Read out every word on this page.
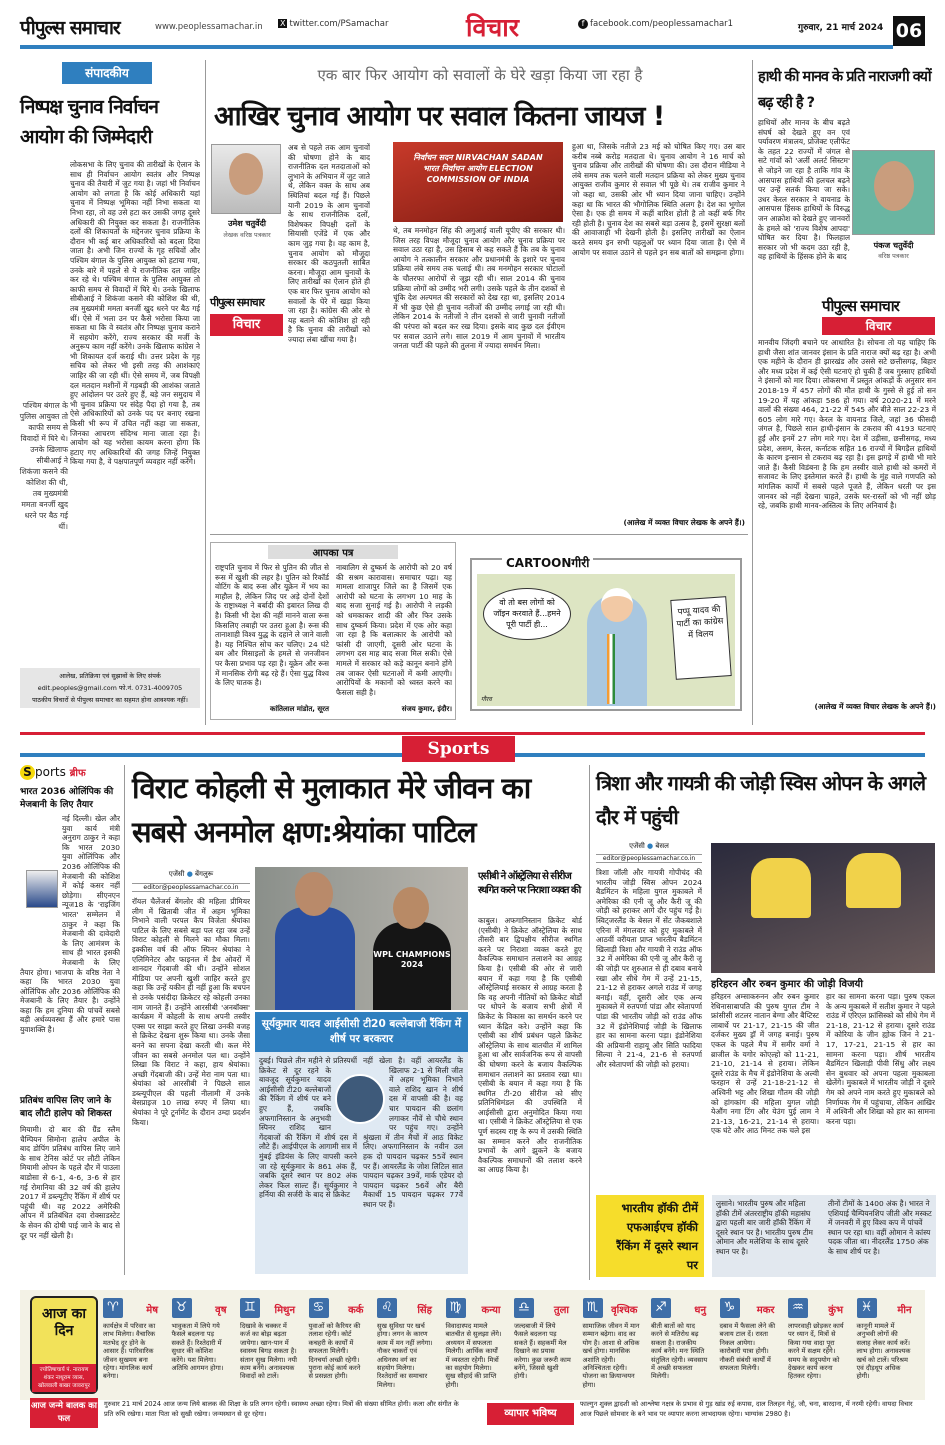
पीपुल्स समाचार	www.peoplessamachar.in X twitter.com/PSamachar	विचार	f facebook.com/peoplessamachar1	गुरुवार, 21 मार्च 2024 06
संपादकीय
निष्पक्ष चुनाव निर्वाचन आयोग की जिम्मेदारी
लोकसभा के लिए चुनाव की तारीखों के ऐलान के साथ ही निर्वाचन आयोग स्वतंत्र और निष्पक्ष चुनाव की तैयारी में जुट गया है। जहां भी निर्वाचन आयोग को लगता है कि कोई अधिकारी यहां चुनाव में निष्पक्ष भूमिका नहीं निभा सकता या निभा रहा, तो वह उसे हटा कर उसकी जगह दूसरे अधिकारी की नियुक्त कर सकता है। राजनीतिक दलों की शिकायतों के मद्देनजर चुनाव प्रक्रिया के दौरान भी कई बार अधिकारियों को बदला दिया जाता है। अभी जिन राज्यों के गृह सचिवों और पश्चिम बंगाल के पुलिस आयुक्त को हटाया गया, उनके बारे में पहले से ये राजनीतिक दल जाहिर कर रहे थे। पश्चिम बंगाल के पुलिस आयुक्त तो काफी समय से विवादों में घिरे थे। उनके खिलाफ सीबीआई ने शिकंजा कसने की कोशिश की थी, तब मुख्यमंत्री ममता बनर्जी खुद धरने पर बैठ गई थीं। ऐसे में भला उन पर कैसे भरोसा किया जा सकता था कि वे स्वतंत्र और निष्पक्ष चुनाव कराने में सहयोग करेंगे, राज्य सरकार की मर्जी के अनुरूप काम नहीं करेंगे। उनके खिलाफ कांग्रेस ने भी शिकायत दर्ज कराई थी। उत्तर प्रदेश के गृह सचिव को लेकर भी इसी तरह की आशंकाएं जाहिर की जा रही थीं। ऐसे समय में, जब विपक्षी दल मतदान मशीनों में गड़बड़ी की आशंका जताते हुए आंदोलन पर उतरे हुए हैं, बड़े जन समुदाय में भी चुनाव प्रक्रिया पर संदेह पैदा हो गया है, तब ऐसे अधिकारियों को उनके पद पर बनाए रखना किसी भी रूप में उचित नहीं कहा जा सकता, जिनका आचरण संदिग्ध माना जाता रहा है। आयोग को यह भरोसा कायम करना होगा कि हटाए गए अधिकारियों की जगह जिन्हें नियुक्त किया गया है, वे पक्षपातपूर्ण व्यवहार नहीं करेंगे।
पश्चिम बंगाल के पुलिस आयुक्त तो काफी समय से विवादों में घिरे थे। उनके खिलाफ सीबीआई ने शिकंजा कसने की कोशिश की थी, तब मुख्यमंत्री ममता बनर्जी खुद धरने पर बैठ गई थीं।
आलेख, प्रतिक्रिया एवं सुझावों के लिए संपर्क
edit.peoples@gmail.com फो.नं. 0731-4009705
पाठकीय विचारों से पीपुल्स समाचार का सहमत होना आवश्यक नहीं।
एक बार फिर आयोग को सवालों के घेरे खड़ा किया जा रहा है
आखिर चुनाव आयोग पर सवाल कितना जायज !
उमेश चतुर्वेदी
लेखक वरिष्ठ पत्रकार
अब से पहले तक आम चुनावों की घोषणा होने के बाद राजनीतिक दल मतदाताओं को लुभाने के अभियान में जुट जाते थे, लेकिन वक्त के साथ अब स्थितियां बदल गई हैं। पिछले यानी 2019 के आम चुनावों के साथ राजनीतिक दलों, विशेषकर विपक्षी दलों के सियासी एजेंडे में एक और काम जुड़ गया है। वह काम है, चुनाव आयोग को मौजूदा सरकार की कठपुतली साबित करना। मौजूदा आम चुनावों के लिए तारीखों का ऐलान होते ही एक बार फिर चुनाव आयोग को सवालों के घेरे में खड़ा किया जा रहा है। कांग्रेस की ओर से यह बताने की कोशिश हो रही है कि चुनाव की तारीखों को ज्यादा लंबा खींचा गया है।
पीपुल्स समाचार
विचार
निर्वाचन सदन NIRVACHAN SADAN भारत निर्वाचन आयोग ELECTION COMMISSION OF INDIA
थे, तब मनमोहन सिंह की अगुआई वाली यूपीए की सरकार थी। जिस तरह विपक्ष मौजूदा चुनाव आयोग और चुनाव प्रक्रिया पर सवाल उठा रहा है, उस हिसाब से कह सकते हैं कि तब के चुनाव आयोग ने तत्कालीन सरकार और प्रधानमंत्री के इशारे पर चुनाव प्रक्रिया लंबे समय तक चलाई थी। तब मनमोहन सरकार घोटालों के चौतरफा आरोपों से जूझ रही थी। साल 2014 की चुनाव प्रक्रिया लोगों को उम्मीद भरी लगी। उसके पहले के तीन दशकों से चूंकि देश अल्पमत की सरकारों को देख रहा था, इसलिए 2014 में भी कुछ ऐसे ही चुनाव नतीजों की उम्मीद लगाई जा रही थी। लेकिन 2014 के नतीजों ने तीन दशकों से जारी चुनावी नतीजों की परंपरा को बदल कर रख दिया। इसके बाद कुछ दल ईवीएम पर सवाल उठाने लगे। साल 2019 में आम चुनावों में भारतीय जनता पार्टी की पहले की तुलना में ज्यादा समर्थन मिला।
हुआ था, जिसके नतीजे 23 मई को घोषित किए गए। उस बार करीब नब्बे करोड़ मतदाता थे। चुनाव आयोग ने 16 मार्च को चुनाव प्रक्रिया और तारीखों की घोषणा की। उस दौरान मीडिया ने लंबे समय तक चलने वाली मतदान प्रक्रिया को लेकर मुख्य चुनाव आयुक्त राजीव कुमार से सवाल भी पूछे थे। तब राजीव कुमार ने जो कहा था, उसकी ओर भी ध्यान दिया जाना चाहिए। उन्होंने कहा था कि भारत की भौगोलिक स्थिति अलग है। देश का भूगोल ऐसा है। एक ही समय में कहीं बारिश होती है तो कहीं बर्फ गिर रही होती है। चुनाव देश का सबसे बड़ा उत्सव है, इसमें सुरक्षा बलों की आवाजाही भी देखनी होती है। इसलिए तारीखों का ऐलान करते समय इन सभी पहलुओं पर ध्यान दिया जाता है। ऐसे में आयोग पर सवाल उठाने से पहले इन सब बातों को समझना होगा।
(आलेख में व्यक्त विचार लेखक के अपने हैं।)
आपका पत्र
राष्ट्रपति चुनाव में फिर से पुतिन की जीत से रूस में खुशी की लहर है। पुतिन को रिकॉर्ड वोटिंग के बाद रूस और यूक्रेन में भय का माहौल है, लेकिन जिद पर अड़े दोनों देशों के राष्ट्राध्यक्ष ने बर्बादी की इबारत लिख दी है। किसी भी देश की नहीं मानने वाला रूस किसलिए तबाही पर उतरा हुआ है। रूस की तानाशाही विश्व युद्ध के दहाने ले जाने वाली है। यह निश्चित सोच कर चलिए। 24 घंटे बम और मिसाइलों के हमले से जनजीवन पर कैसा प्रभाव पड़ रहा है। यूक्रेन और रूस में मानसिक रोगी बढ़ रहे हैं। ऐसा युद्ध विश्व के लिए घातक है।
कांतिलाल मांडोत, सूरत
नाबालिग से दुष्कर्म के आरोपी को 20 वर्ष की सश्रम कारावास। समाचार पढ़ा। यह मामला शाजापुर जिले का है जिसमें एक आरोपी को घटना के लगभग 10 माह के बाद सजा सुनाई गई है। आरोपी ने लड़की को धमकाकर शादी की और फिर उसके साथ दुष्कर्म किया। प्रदेश में एक ओर कहा जा रहा है कि बलात्कार के आरोपी को फांसी दी जाएगी, दूसरी ओर घटना के लगभग दस माह बाद सजा मिल सकी। ऐसे मामले में सरकार को कड़े कानून बनाने होंगे तब जाकर ऐसी घटनाओं में कमी आएगी। आरोपियों के मकानों को ध्वस्त करने का फैसला सही है।
संजय कुमार, इंदौर।
CARTOONगीरी
वो तो बस लोगों को जॉइन करवाते हैं...हमने पूरी पार्टी ही...
पप्पू यादव की पार्टी का कांग्रेस में विलय
गौरव
हाथी की मानव के प्रति नाराजगी क्यों बढ़ रही है ?
हाथियों और मानव के बीच बढ़ते संघर्ष को देखते हुए वन एवं पर्यावरण मंत्रालय, प्रोजेक्ट एलीफेंट के तहत 22 राज्यों में जंगल से सटे गांवों को 'अर्ली अलर्ट सिस्टम' से जोड़ने जा रहा है ताकि गांव के आसपास हाथियों की हलचल बढ़ने पर उन्हें सतर्क किया जा सके। उधर केरल सरकार ने वायनाड के आसपास हिंसक हाथियों के विरुद्ध जन आक्रोश को देखते हुए जानवरों के हमले को 'राज्य विशेष आपदा' घोषित कर दिया है। फिलहाल सरकार जो भी कदम उठा रही है, वह हाथियों के हिंसक होने के बाद
पंकज चतुर्वेदी
वरिष्ठ पत्रकार
पीपुल्स समाचार
विचार
मानवीय जिंदगी बचाने पर आधारित है। सोचना तो यह चाहिए कि हाथी जैसा शांत जानवर इंसान के प्रति नाराज क्यों बढ़ रहा है। अभी एक महीने के दौरान ही झारखंड और उससे सटे छत्तीसगढ़, बिहार और मध्य प्रदेश में कई ऐसी घटनाएं हो चुकी हैं जब गुस्साए हाथियों ने इंसानों को मार दिया। लोकसभा में प्रस्तुत आंकड़ों के अनुसार सन 2018-19 में 457 लोगों की मौत हाथी के गुस्से से हुई तो सन 19-20 में यह आंकड़ा 586 हो गया। वर्ष 2020-21 में मरने वालों की संख्या 464, 21-22 में 545 और बीते साल 22-23 में 605 लोग मारे गए। केरल के वायनाड जिले, जहां 36 फीसदी जंगल है, पिछले साल हाथी-इंसान के टकराव की 4193 घटनाएं हुईं और इनमें 27 लोग मारे गए। देश में उड़ीसा, छत्तीसगढ़, मध्य प्रदेश, असम, केरल, कर्नाटक सहित 16 राज्यों में बिगड़ैल हाथियों के कारण इन्सान से टकराव बढ़ रहा है। इस झगड़े में हाथी भी मारे जाते हैं। कैसी विडंबना है कि हम तस्वीर वाले हाथी को कमरों में सजावट के लिए इस्तेमाल करते हैं। हाथी के मुंह वाले गणपति को मांगलिक कार्यों में सबसे पहले पूजते हैं, लेकिन धरती पर इस जानवर को नहीं देखना चाहते, उसके घर-रास्तों को भी नहीं छोड़ रहे, जबकि हाथी मानव-अस्तित्व के लिए अनिवार्य है।
(आलेख में व्यक्त विचार लेखक के अपने हैं।)
Sports
S ports ब्रीफ
भारत 2036 ओलिंपिक की मेजबानी के लिए तैयार
नई दिल्ली। खेल और युवा कार्य मंत्री अनुराग ठाकुर ने कहा कि भारत 2030 युवा ओलिंपिक और 2036 ओलिंपिक की मेजबानी की कोशिश में कोई कसर नहीं छोड़ेगा। सीएनएन न्यूज18 के 'राइजिंग भारत' सम्मेलन में ठाकुर ने कहा कि मेजबानी की दावेदारी के लिए आमंत्रण के साथ ही भारत इसकी मेजबानी के लिए तैयार होगा। भाजपा के वरिष्ठ नेता ने कहा कि भारत 2030 युवा ओलिंपिक और 2036 ओलिंपिक की मेजबानी के लिए तैयार है। उन्होंने कहा कि हम दुनिया की पांचवें सबसे बड़ी अर्थव्यवस्था हैं और हमारे पास युवाशक्ति है।
प्रतिबंध वापिस लिए जाने के बाद लौटी हालेप को शिकस्त
मियामी। दो बार की ग्रैंड स्लैम चैम्पियन सिमोना हालेप अपील के बाद डोपिंग प्रतिबंध वापिस लिए जाने के साथ टेनिस कोर्ट पर लौटी लेकिन मियामी ओपन के पहले दौर में पाउला बाडोसा से 6-1, 4-6, 3-6 से हार गई रोमानिया की 32 वर्ष की हालेप 2017 में डब्ल्यूटीए रैंकिंग में शीर्ष पर पहुंची थी। वह 2022 अमेरिकी ओपन में प्रतिबंधित दवा रोक्साडस्टेट के सेवन की दोषी पाई जाने के बाद से दूर पर नहीं खेली है।
विराट कोहली से मुलाकात मेरे जीवन का सबसे अनमोल क्षण:श्रेयांका पाटिल
एजेंसी ● बेंगलुरू
editor@peoplessamachar.co.in
रॉयल चैलेंजर्स बेंगलोर की महिला प्रीमियर लीग में खिताबी जीत में अहम भूमिका निभाने वाली परपल कैप विजेता श्रेयांका पाटिल के लिए सबसे बड़ा पल रहा जब उन्हें विराट कोहली से मिलने का मौका मिला। इक्कीस वर्ष की ऑफ स्पिनर श्रेयांका ने एलिमिनेटर और फाइनल में डैथ ओवरों में शानदार गेंदबाजी की थी। उन्होंने सोशल मीडिया पर अपनी खुशी जाहिर करते हुए कहा कि उन्हें यकीन ही नहीं हुआ कि बचपन से उनके पसंदीदा क्रिकेटर रहे कोहली उनका नाम जानते हैं। उन्होंने आरसीबी 'अनबॉक्स' कार्यक्रम में कोहली के साथ अपनी तस्वीर एक्स पर साझा करते हुए लिखा उनकी वजह से क्रिकेट देखना शुरू किया था। उनके जैसा बनने का सपना देखा करती थी। कल मेरे जीवन का सबसे अनमोल पल था। उन्होंने लिखा कि विराट ने कहा, हाय श्रेयांका। अच्छी गेंदबाजी की। उन्हें मेरा नाम पता था। श्रेयांका को आरसीबी ने पिछले साल डब्ल्यूपीएल की पहली नीलामी में उनके बेसप्राइज 10 लाख रुपए में लिया था। श्रेयांका ने पूरे टूर्नामेंट के दौरान उम्दा प्रदर्शन किया।
WPL CHAMPIONS 2024
सूर्यकुमार यादव आईसीसी टी20 बल्लेबाजी रैंकिंग में शीर्ष पर बरकरार
दुबई। पिछले तीन महीने से प्रतिस्पर्धी क्रिकेट से दूर रहने के बावजूद सूर्यकुमार यादव आईसीसी टी20 बल्लेबाजों की रैंकिंग में शीर्ष पर बने हुए हैं, जबकि अफगानिस्तान के अनुभवी स्पिनर राशिद खान गेंदबाजों की रैंकिंग में शीर्ष दस में लौटे हैं। आईपीएल के आगामी सत्र में मुंबई इंडियंस के लिए वापसी करने जा रहे सूर्यकुमार के 861 अंक हैं, जबकि दूसरे स्थान पर 802 अंक लेकर फिल साल्ट हैं। सूर्यकुमार ने हर्निया की सर्जरी के बाद से क्रिकेट
नहीं खेला है। वहीं आयरलैंड के खिलाफ 2-1 से मिली जीत में अहम भूमिका निभाने वाले राशिद खान ने शीर्ष दस में वापसी की है। वह चार पायदान की छलांग लगाकर नौवें से चौथे स्थान पर पहुंच गए। उन्होंने श्रृंखला में तीन मैचों में आठ विकेट लिए। अफगानिस्तान के नवीन उल हक दो पायदान चढ़कर 55वें स्थान पर हैं। आयरलैंड के जोश लिटिल सात पायदान चढ़कर 39वें, मार्क एडेयर दो पायदान चढ़कर 56वें और बैरी मैकार्थी 15 पायदान चढ़कर 77वें स्थान पर हैं।
एसीबी ने ऑस्ट्रेलिया से सीरीज स्थगित करने पर निराशा व्यक्त की
काबुल। अफगानिस्तान क्रिकेट बोर्ड (एसीबी) ने क्रिकेट ऑस्ट्रेलिया के साथ तीसरी बार द्विपक्षीय सीरीज स्थगित करने पर निराशा व्यक्त करते हुए वैकल्पिक समाधान तलाशने का आग्रह किया है। एसीबी की ओर से जारी बयान में कहा गया है कि एसीबी ऑस्ट्रेलियाई सरकार से आग्रह करता है कि वह अपनी नीतियों को क्रिकेट बोर्डों पर थोपने के बजाय सभी क्षेत्रों में क्रिकेट के विकास का समर्थन करने पर ध्यान केंद्रित करे। उन्होंने कहा कि एसीबी का शीर्ष प्रबंधन पहले क्रिकेट ऑस्ट्रेलिया के साथ बातचीत में शामिल हुआ था और सार्वजनिक रूप से वापसी की घोषणा करने के बजाय वैकल्पिक समाधान तलाशने का प्रस्ताव रखा था। एसीबी के बयान में कहा गया है कि स्थगित टी-20 सीरीज को सीए प्रतिनिधिमंडल की उपस्थिति में आईसीसी द्वारा अनुमोदित किया गया था। एसीबी ने क्रिकेट ऑस्ट्रेलिया से एक पूर्ण सदस्य राष्ट्र के रूप में उसकी स्थिति का सम्मान करने और राजनीतिक प्रभावों के आगे झुकने के बजाय वैकल्पिक समाधानों की तलाश करने का आग्रह किया है।
त्रिशा और गायत्री की जोड़ी स्विस ओपन के अगले दौर में पहुंची
एजेंसी ● बेसल
editor@peoplessamachar.co.in
त्रिशा जॉली और गायत्री गोपीचंद की भारतीय जोड़ी स्विस ओपन 2024 बैडमिंटन के महिला युगल मुकाबले में अमेरिका की एनी जू और कैरी जू की जोड़ी को हराकर आगे दौर पहुंच गई है। स्विट्जरलैंड के बेसल में सेंट जैकबशाले एरिना में मंगलवार को हुए मुकाबले में आठवीं वरीयता प्राप्त भारतीय बैडमिंटन खिलाड़ी त्रिशा और गायत्री ने राउंड ऑफ 32 में अमेरिका की एनी जू और कैरी जू की जोड़ी पर शुरुआत से ही दबाव बनाये रखा और सीधे गेम में उन्हें 21-15, 21-12 से हराकर अगले राउंड में जगह बनाई। वहीं, दूसरी ओर एक अन्य मुकाबले में रुतपर्णा पांडा और स्वेतापर्णा पांडा की भारतीय जोड़ी को राउंड ऑफ 32 में इंडोनेशियाई जोड़ी के खिलाफ हार का सामना करना पड़ा। इंडोनेशिया की अप्रियानी राहायू और सिति फादिया सिल्वा ने 21-4, 21-6 से रुतपर्णा और स्वेतापर्णा की जोड़ी को हराया।
हरिहरन और रुबन कुमार की जोड़ी विजयी
हरिहरन अम्साकरुनन और रुबन कुमार रेथिनासाबापति की पुरुष युगल टीम ने फ्रांसीसी शटलर नातान बेग्गा और बैप्टिस्ट लाबार्थे पर 21-17, 21-15 की जीत दर्जकर मुख्य ड्रॉ में जगह बनाई। पुरुष एकल के पहले मैच में समीर वर्मा ने ब्राजील के यगोर कोएल्हो को 11-21, 21-10, 21-14 से हराया। लेकिन दूसरे राउंड के मैच में इंडोनेशिया के अल्वी फरहान से उन्हें 21-18-21-12 से अश्विनी भट्ट और शिखा गौतम की जोड़ी को हांगकांग की महिला युगल जोड़ी येऔंग नगा टिंग और येउंग पुई लाम ने 21-13, 16-21, 21-14 से हराया। एक घंटे और आठ मिनट तक चले इस
हार का सामना करना पड़ा। पुरुष एकल के अन्य मुकाबले में सतीश कुमार ने पहले राउंड में एरिएल फ्रांसिस्को को सीधे गेम में 21-18, 21-12 से हराया। दूसरे राउंड में कोरिया के जीन ह्योक जिन ने 21-17, 17-21, 21-15 से हार का सामना करना पड़ा। शीर्ष भारतीय बैडमिंटन खिलाड़ी पीवी सिंधु और लक्ष्य सेन बुधवार को अपना पहला मुकाबला खेलेंगे। मुकाबले में भारतीय जोड़ी ने दूसरे गेम को अपने नाम करते हुए मुकाबले को निर्णायक गेम में पहुंचाया, लेकिन आखिर में अश्विनी और शिखा को हार का सामना करना पड़ा।
भारतीय हॉकी टीमें एफआईएच हॉकी रैंकिंग में दूसरे स्थान पर
लुसाने। भारतीय पुरुष और महिला हॉकी टीमें अंतरराष्ट्रीय हॉकी महासंघ द्वारा पहली बार जारी हॉकी रैंकिंग में दूसरे स्थान पर है। भारतीय पुरुष टीम ओमान और मलेशिया के साथ दूसरे स्थान पर है।
तीनों टीमों के 1400 अंक है। भारत ने एशियाई चैम्पियनशिप जीती और मस्कट में जनवरी में हुए विश्व कप में पांचवें स्थान पर रहा था। वहीं ओमान ने कांस्य पदक जीता था। नीदरलैंड 1750 अंक के साथ शीर्ष पर है।
आज का दिन
ज्योतिषाचार्य पं. नारायण शंकर नाथूराम व्यास, खोलवाली बाखर जावरापुर
♈	मेष
कार्यक्षेत्र में परिवार का लाभ मिलेगा। वैचारिक मतभेद दूर होने के आसार हैं। पारिवारिक जीवन सुखमय बना रहेगा। मांगलिक कार्य बनेगा।
♉	वृष
भावुकता में लिये गये फैसले बदलना पड़ सकते हैं। रिश्तेदारी में सुधार की कोशिश करेंगे। यश मिलेगा। अतिथि आगमन होगा।
♊	मिथुन
दिखावे के चक्कर में कर्ज का बोझ बढ़ता जायेगा। खान-पान में स्वास्थ्य बिगड़ सकता है। संतान सुख मिलेगा। नयी काम बनेंगे। अनावश्यक विवादों को टालें।
♋	कर्क
युवाओं को कैरियर की तलाश रहेगी। कोर्ट कचहरी के कार्यों में सफलता मिलेगी। दिनचर्या अच्छी रहेगी। पुराना कोई कार्य करने से प्रसन्नता होगी।
♌	सिंह
सुख सुविधा पर खर्च होगा। लगन के कारण काम में मन नहीं लगेगा। नौकर चाकरों एवं अधिनस्थ वर्ग का सहयोग मिलेगा। रिश्तेदारों का समाचार मिलेगा।
♍	कन्या
विवादास्पद मामले बातचीत से सुलझा लेंगे। अध्ययन में सफलता मिलेगी। आर्थिक कार्यों में व्यस्तता रहेगी। मित्रों का सहयोग मिलेगा। सुख सौहार्द की प्राप्ति होगी।
♎	तुला
जल्दबाजी में लिये फैसले बदलना पड़ सकते हैं। सहकर्मी मेल दिखाने का प्रयास करेगा। कुछ जरूरी काम बनेंगे, जिससे खुशी होगी।
♏	वृश्चिक
सामाजिक जीवन में मान सम्मान बढ़ेगा। वाद का योग है। आशा से अधिक खर्च होगा। मानसिक अशांति रहेगी। अनिश्चितता रहेगी। योजना का क्रियान्वयन होगा।
♐	धनु
बीती बातों को याद करने से मतिरोध बढ़ सकता है। राजकीय कार्य बनेंगे। मनः स्थिति संतुलित रहेगी। व्यवसाय में अच्छी सफलता मिलेगी।
♑	मकर
दबाव में फैसला लेने की बजाय टाल दें। रास्ता निकल आयेगा। कारोबारी यात्रा होगी। नौकरी संबंधी कार्यों में सफलता मिलेगी।
♒	कुंभ
लापरवाही छोड़कर कार्य पर ध्यान दें, मित्रों से किया गया वादा पूरा करने में सक्षम रहेंगे। समय के सदुपयोग को देखकर कार्य करना हितकर रहेगा।
♓	मीन
कानूनी मामले में अनुभवी लोगों की सलाह लेकर कार्य करें। लाभ होगा। अनावश्यक खर्च को टालें। परिश्रम एवं दौड़धूप अधिक होगी।
आज जन्मे बालक का फल
गुरुवार 21 मार्च 2024 आज जन्म लिये बालक की शिक्षा के प्रति लगन रहेगी। स्वास्थ्य अच्छा रहेगा। मित्रों की संख्या सीमित होगी। कला और संगीत के प्रति रुचि रखेगा। माता पिता को सुखी रखेगा। जन्मस्थान से दूर रहेगा।	व्यापार भविष्य
फाल्गुन शुक्ल द्वादशी को आश्लेषा नक्षत्र के प्रभाव से गुड़ खांड रुई कपास, दाल तिलहन गेहूं, जौ, चना, बारदाना, में नरमी रहेगी। वायदा विचार आज पिछले सोमवार के बने भाव पर व्यापार करना लाभदायक रहेगा। भाग्यांक 2980 है।
